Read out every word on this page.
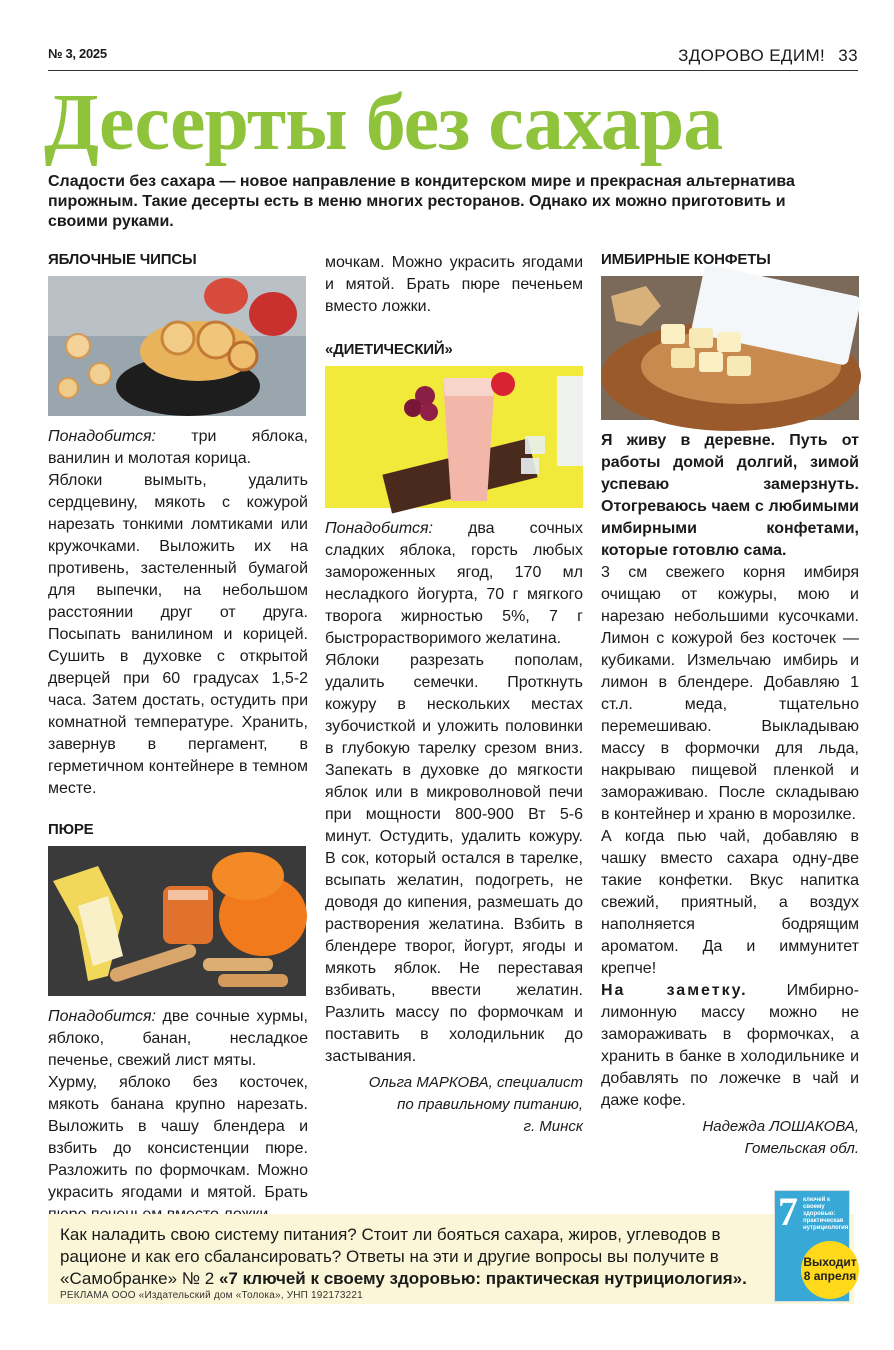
№ 3, 2025	ЗДОРОВО ЕДИМ! 33
Десерты без сахара
Сладости без сахара — новое направление в кондитерском мире и прекрасная альтернатива пирожным. Такие десерты есть в меню многих ресторанов. Однако их можно приготовить и своими руками.
ЯБЛОЧНЫЕ ЧИПСЫ
Понадобится: три яблока, ванилин и молотая корица.
Яблоки вымыть, удалить сердцевину, мякоть с кожурой нарезать тонкими ломтиками или кружочками. Выложить их на противень, застеленный бумагой для выпечки, на небольшом расстоянии друг от друга. Посыпать ванилином и корицей. Сушить в духовке с открытой дверцей при 60 градусах 1,5-2 часа. Затем достать, остудить при комнатной температуре. Хранить, завернув в пергамент, в герметичном контейнере в темном месте.
ПЮРЕ
Понадобится: две сочные хурмы, яблоко, банан, несладкое печенье, свежий лист мяты.
Хурму, яблоко без косточек, мякоть банана крупно нарезать. Выложить в чашу блендера и взбить до консистенции пюре. Разложить по формочкам. Можно украсить ягодами и мятой. Брать
мочкам. Можно украсить ягодами и мятой. Брать пюре печеньем вместо ложки.
«ДИЕТИЧЕСКИЙ»
Понадобится: два сочных сладких яблока, горсть любых замороженных ягод, 170 мл несладкого йогурта, 70 г мягкого творога жирностью 5%, 7 г быстрорастворимого желатина.
Яблоки разрезать пополам, удалить семечки. Проткнуть кожуру в нескольких местах зубочисткой и уложить половинки в глубокую тарелку срезом вниз. Запекать в духовке до мягкости яблок или в микроволновой печи при мощности 800-900 Вт 5-6 минут. Остудить, удалить кожуру. В сок, который остался в тарелке, всыпать желатин, подогреть, не доводя до кипения, размешать до растворения желатина. Взбить в блендере творог, йогурт, ягоды и мякоть яблок. Не переставая взбивать, ввести желатин. Разлить массу по формочкам и поставить в холодильник до застывания.
Ольга МАРКОВА, специалист
по правильному питанию,
г. Минск
ИМБИРНЫЕ КОНФЕТЫ
Я живу в деревне. Путь от работы домой долгий, зимой успеваю замерзнуть. Отогреваюсь чаем с любимыми имбирными конфетами, которые готовлю сама.
3 см свежего корня имбиря очищаю от кожуры, мою и нарезаю небольшими кусочками. Лимон с кожурой без косточек — кубиками. Измельчаю имбирь и лимон в блендере. Добавляю 1 ст.л. меда, тщательно перемешиваю. Выкладываю массу в формочки для льда, накрываю пищевой пленкой и замораживаю. После складываю в контейнер и храню в морозилке.
А когда пью чай, добавляю в чашку вместо сахара одну-две такие конфетки. Вкус напитка свежий, приятный, а воздух наполняется бодрящим ароматом. Да и иммунитет крепче!
На заметку. Имбирно-лимонную массу можно не замораживать в формочках, а хранить в банке в холодильнике и добавлять по ложечке в чай и даже кофе.
Надежда ЛОШАКОВА,
Гомельская обл.
Как наладить свою систему питания? Стоит ли бояться сахара, жиров, углеводов в рационе и как его сбалансировать? Ответы на эти и другие вопросы вы получите в «Самобранке» № 2 «7 ключей к своему здоровью: практическая нутрициология».
РЕКЛАМА ООО «Издательский дом «Толока», УНП 192173221
7 ключей к своему здоровью: практическая нутрициология
Выходит 8 апреля
